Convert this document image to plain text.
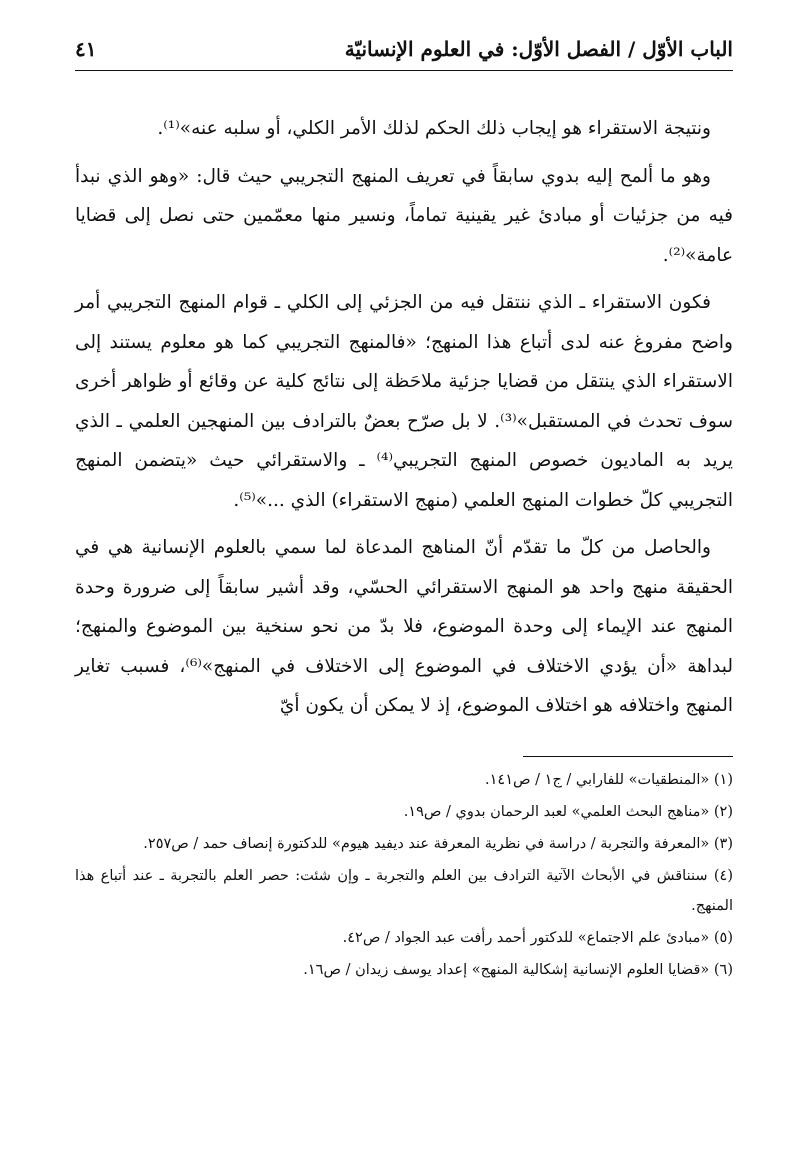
الباب الأوّل / الفصل الأوّل: في العلوم الإنسانيّة
٤١

ونتيجة الاستقراء هو إيجاب ذلك الحكم لذلك الأمر الكلي، أو سلبه عنه»⁽¹⁾.

وهو ما ألمح إليه بدوي سابقاً في تعريف المنهج التجريبي حيث قال: «وهو الذي نبدأ فيه من جزئيات أو مبادئ غير يقينية تماماً، ونسير منها معمّمين حتى نصل إلى قضايا عامة»⁽²⁾.

فكون الاستقراء ـ الذي ننتقل فيه من الجزئي إلى الكلي ـ قوام المنهج التجريبي أمر واضح مفروغ عنه لدى أتباع هذا المنهج؛ «فالمنهج التجريبي كما هو معلوم يستند إلى الاستقراء الذي ينتقل من قضايا جزئية ملاحَظة إلى نتائج كلية عن وقائع أو ظواهر أخرى سوف تحدث في المستقبل»⁽³⁾. لا بل صرّح بعضٌ بالترادف بين المنهجين العلمي ـ الذي يريد به الماديون خصوص المنهج التجريبي⁽⁴⁾ ـ والاستقرائي حيث «يتضمن المنهج التجريبي كلّ خطوات المنهج العلمي (منهج الاستقراء) الذي ...»⁽⁵⁾.

والحاصل من كلّ ما تقدّم أنّ المناهج المدعاة لما سمي بالعلوم الإنسانية هي في الحقيقة منهج واحد هو المنهج الاستقرائي الحسّي، وقد أشير سابقاً إلى ضرورة وحدة المنهج عند الإيماء إلى وحدة الموضوع، فلا بدّ من نحو سنخية بين الموضوع والمنهج؛ لبداهة «أن يؤدي الاختلاف في الموضوع إلى الاختلاف في المنهج»⁽⁶⁾، فسبب تغاير المنهج واختلافه هو اختلاف الموضوع، إذ لا يمكن أن يكون أيّ

(١) «المنطقيات» للفارابي / ج١ / ص١٤١.

(٢) «مناهج البحث العلمي» لعبد الرحمان بدوي / ص١٩.

(٣) «المعرفة والتجربة / دراسة في نظرية المعرفة عند ديفيد هيوم» للدكتورة إنصاف حمد / ص٢٥٧.

(٤) سنناقش في الأبحاث الآتية الترادف بين العلم والتجربة ـ وإن شئت: حصر العلم بالتجربة ـ عند أتباع هذا المنهج.

(٥) «مبادئ علم الاجتماع» للدكتور أحمد رأفت عبد الجواد / ص٤٢.

(٦) «قضايا العلوم الإنسانية إشكالية المنهج» إعداد يوسف زيدان / ص١٦.
